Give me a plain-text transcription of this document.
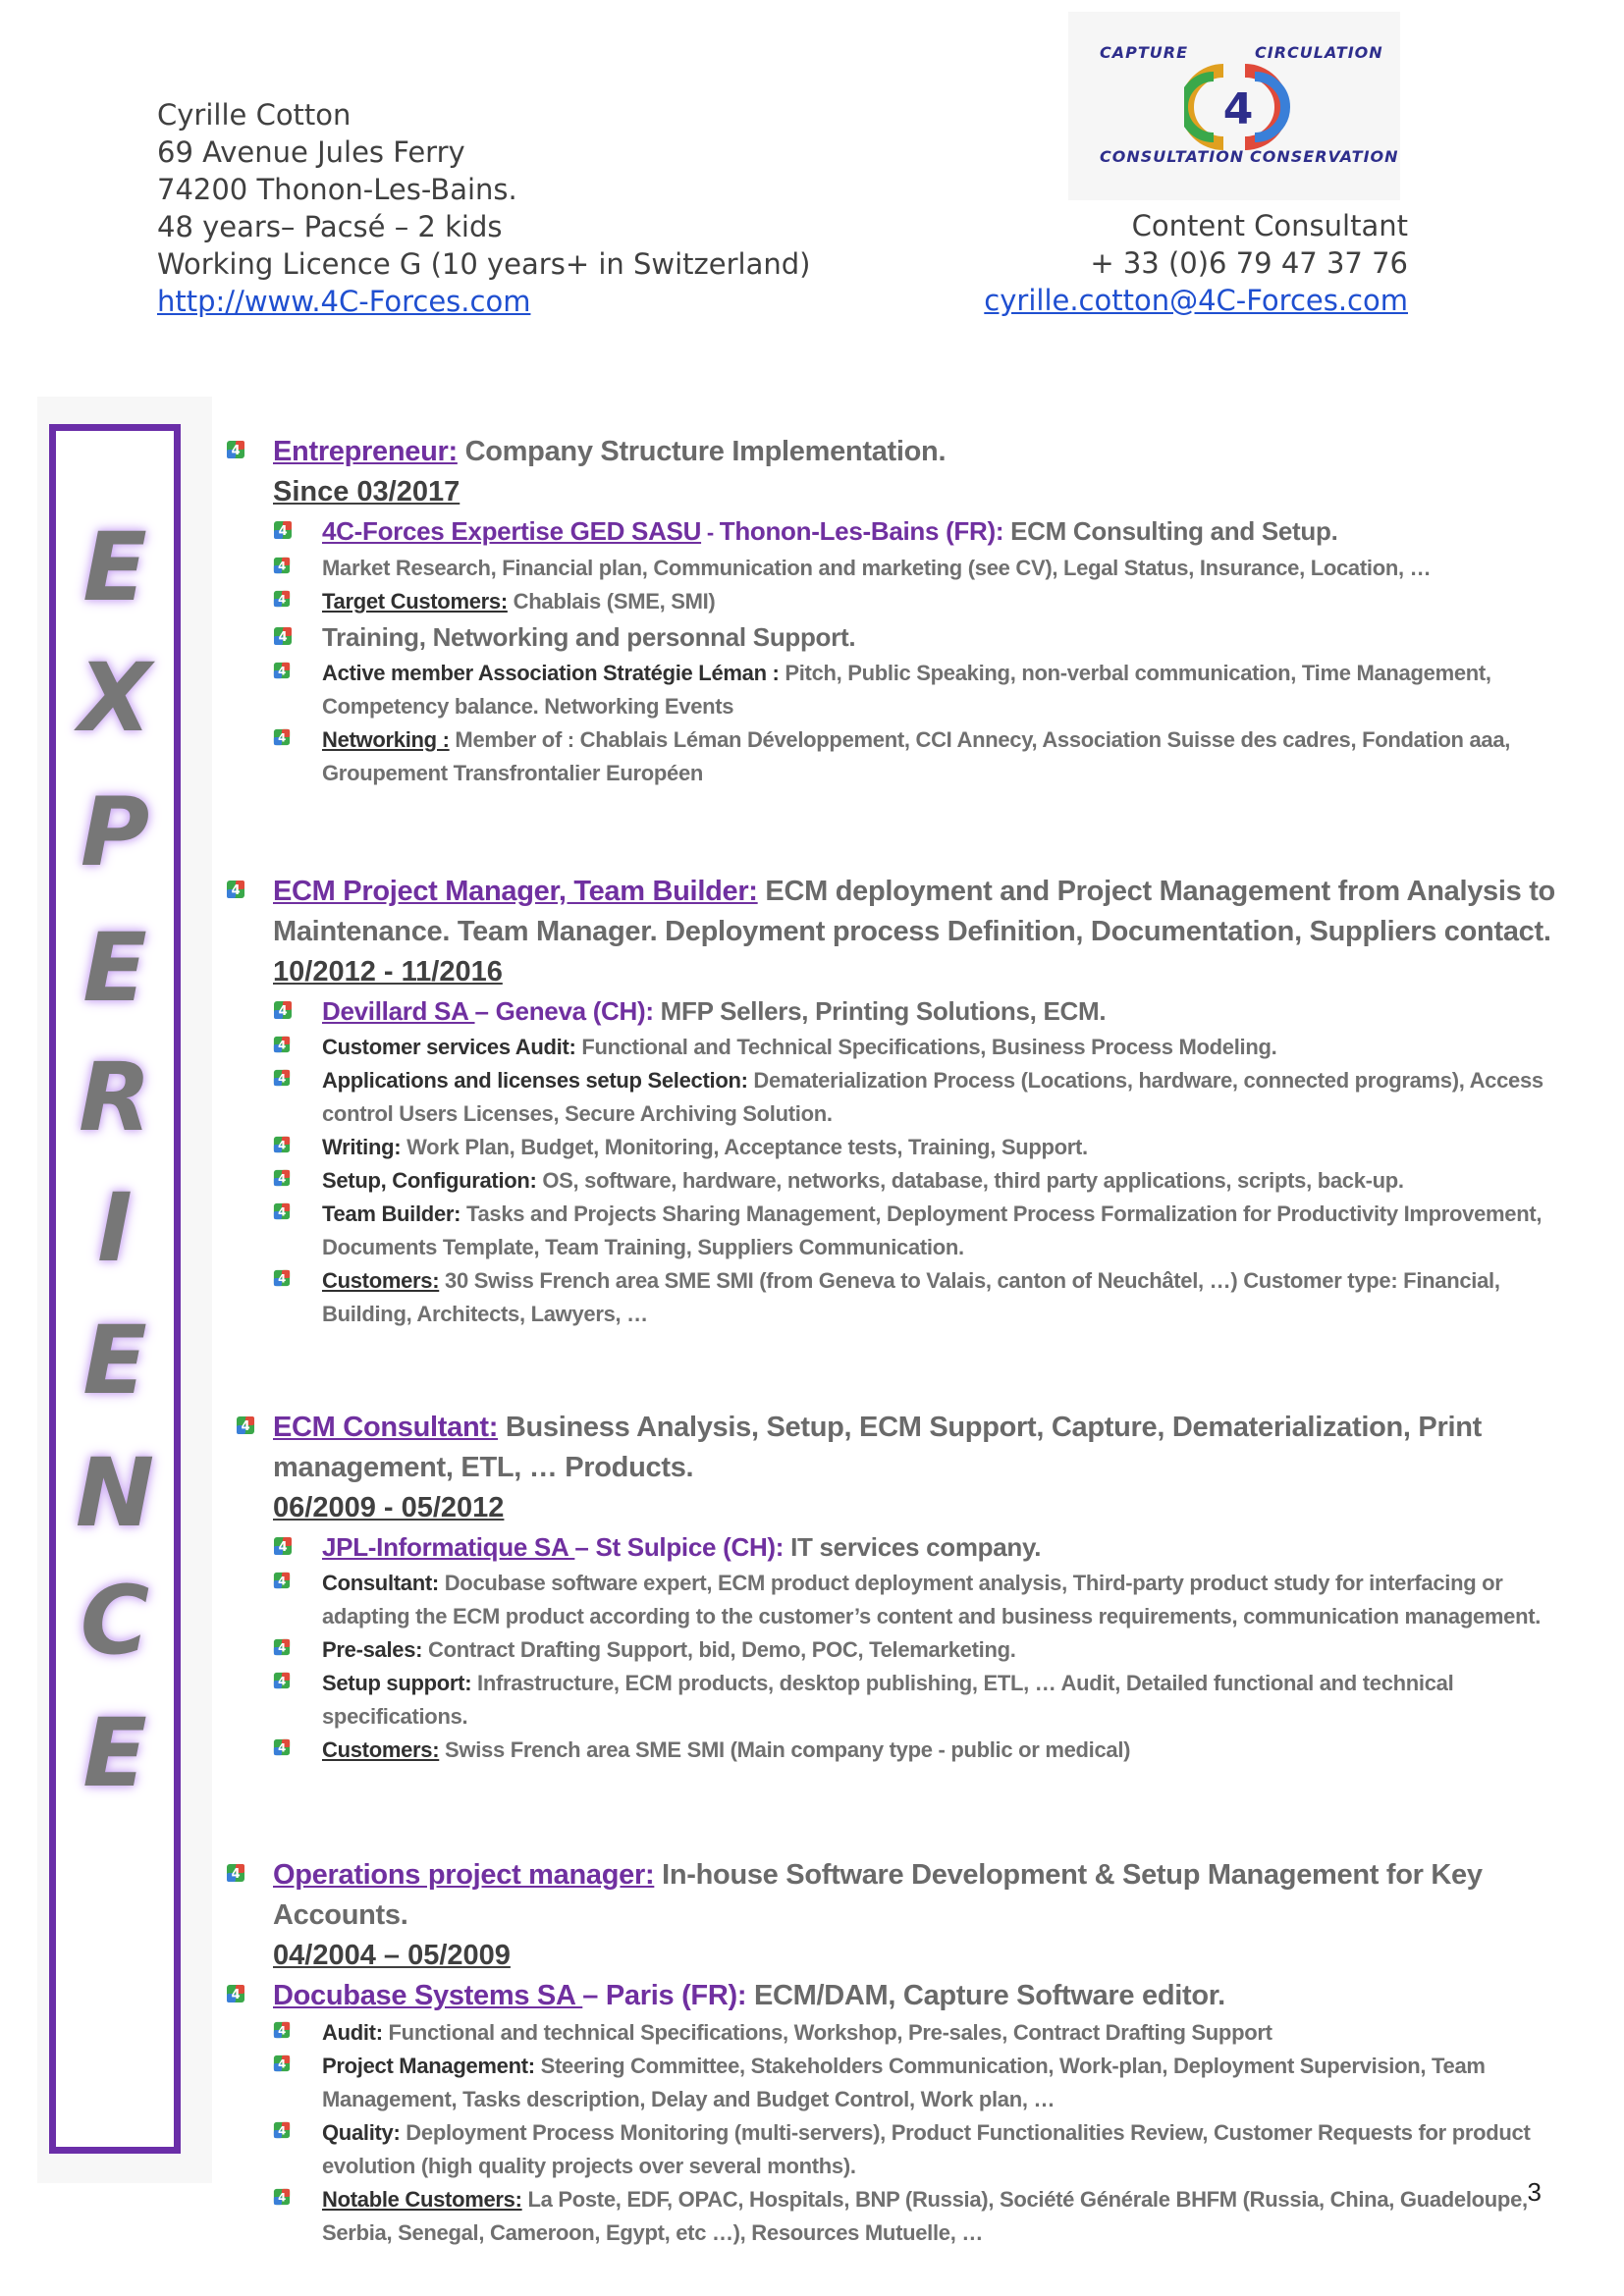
Cyrille Cotton
69 Avenue Jules Ferry
74200 Thonon-Les-Bains.
48 years– Pacsé – 2 kids
Working Licence G (10 years+ in Switzerland)
http://www.4C-Forces.com
Content Consultant
+ 33 (0)6 79 47 37 76
cyrille.cotton@4C-Forces.com
CAPTURE	CIRCULATION
CONSULTATION CONSERVATION
4
E
X
P
E
R
I
E
N
C
E
4 Entrepreneur: Company Structure Implementation.
Since 03/2017
4 4C-Forces Expertise GED SASU - Thonon-Les-Bains (FR): ECM Consulting and Setup.
4 Market Research, Financial plan, Communication and marketing (see CV), Legal Status, Insurance, Location, …
4 Target Customers: Chablais (SME, SMI)
4 Training, Networking and personnal Support.
4 Active member Association Stratégie Léman : Pitch, Public Speaking, non-verbal communication, Time Management, Competency balance. Networking Events
4 Networking : Member of : Chablais Léman Développement, CCI Annecy, Association Suisse des cadres, Fondation aaa, Groupement Transfrontalier Européen
4 ECM Project Manager, Team Builder: ECM deployment and Project Management from Analysis to Maintenance. Team Manager. Deployment process Definition, Documentation, Suppliers contact.
10/2012 - 11/2016
4 Devillard SA – Geneva (CH): MFP Sellers, Printing Solutions, ECM.
4 Customer services Audit: Functional and Technical Specifications, Business Process Modeling.
4 Applications and licenses setup Selection: Dematerialization Process (Locations, hardware, connected programs), Access control Users Licenses, Secure Archiving Solution.
4 Writing: Work Plan, Budget, Monitoring, Acceptance tests, Training, Support.
4 Setup, Configuration: OS, software, hardware, networks, database, third party applications, scripts, back-up.
4 Team Builder: Tasks and Projects Sharing Management, Deployment Process Formalization for Productivity Improvement, Documents Template, Team Training, Suppliers Communication.
4 Customers: 30 Swiss French area SME SMI (from Geneva to Valais, canton of Neuchâtel, …) Customer type: Financial, Building, Architects, Lawyers, …
4 ECM Consultant: Business Analysis, Setup, ECM Support, Capture, Dematerialization, Print management, ETL, … Products.
06/2009 - 05/2012
4 JPL-Informatique SA – St Sulpice (CH): IT services company.
4 Consultant: Docubase software expert, ECM product deployment analysis, Third-party product study for interfacing or adapting the ECM product according to the customer’s content and business requirements, communication management.
4 Pre-sales: Contract Drafting Support, bid, Demo, POC, Telemarketing.
4 Setup support: Infrastructure, ECM products, desktop publishing, ETL, … Audit, Detailed functional and technical specifications.
4 Customers: Swiss French area SME SMI (Main company type - public or medical)
4 Operations project manager: In-house Software Development & Setup Management for Key Accounts.
04/2004 – 05/2009
4 Docubase Systems SA – Paris (FR): ECM/DAM, Capture Software editor.
4 Audit: Functional and technical Specifications, Workshop, Pre-sales, Contract Drafting Support
4 Project Management: Steering Committee, Stakeholders Communication, Work-plan, Deployment Supervision, Team Management, Tasks description, Delay and Budget Control, Work plan, …
4 Quality: Deployment Process Monitoring (multi-servers), Product Functionalities Review, Customer Requests for product evolution (high quality projects over several months).
4 Notable Customers: La Poste, EDF, OPAC, Hospitals, BNP (Russia), Société Générale BHFM (Russia, China, Guadeloupe, Serbia, Senegal, Cameroon, Egypt, etc …), Resources Mutuelle, …
3
